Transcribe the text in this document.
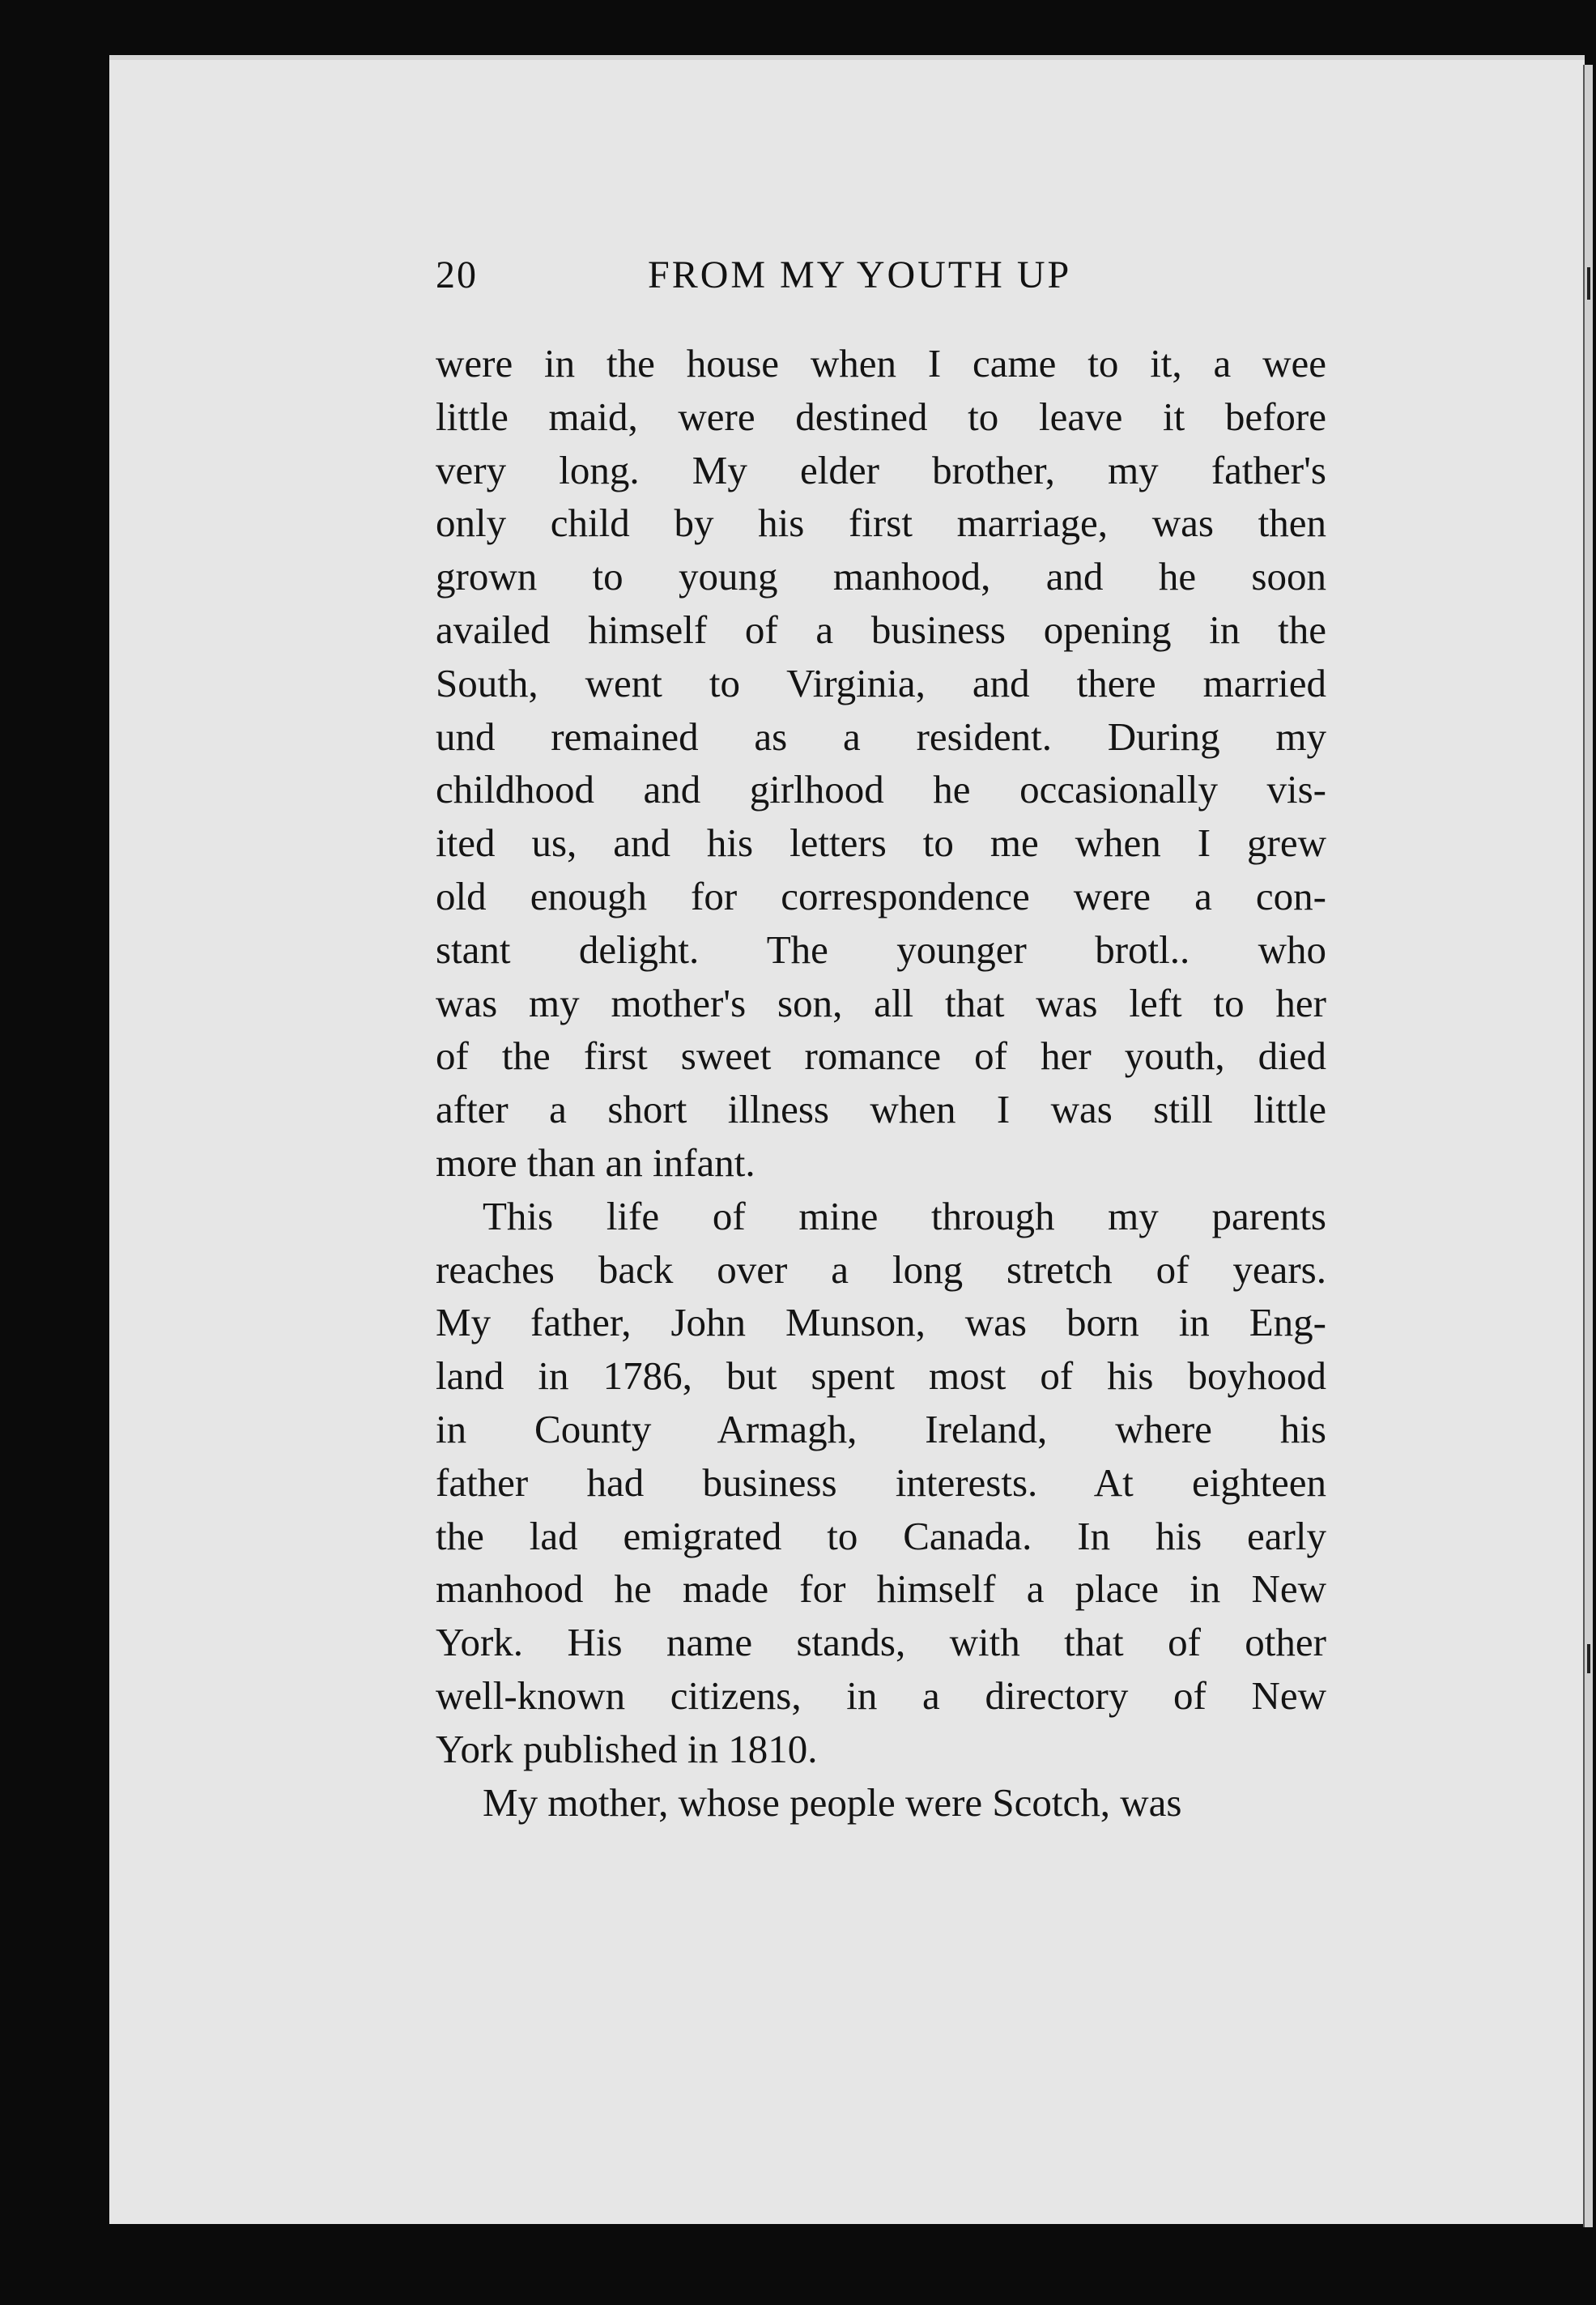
20	FROM MY YOUTH UP
were in the house when I came to it, a wee
little maid, were destined to leave it before
very long. My elder brother, my father's
only child by his first marriage, was then
grown to young manhood, and he soon
availed himself of a business opening in the
South, went to Virginia, and there married
und remained as a resident. During my
childhood and girlhood he occasionally vis-
ited us, and his letters to me when I grew
old enough for correspondence were a con-
stant delight. The younger brotl.. who
was my mother's son, all that was left to her
of the first sweet romance of her youth, died
after a short illness when I was still little
more than an infant.
This life of mine through my parents
reaches back over a long stretch of years.
My father, John Munson, was born in Eng-
land in 1786, but spent most of his boyhood
in County Armagh, Ireland, where his
father had business interests. At eighteen
the lad emigrated to Canada. In his early
manhood he made for himself a place in New
York. His name stands, with that of other
well-known citizens, in a directory of New
York published in 1810.
My mother, whose people were Scotch, was
